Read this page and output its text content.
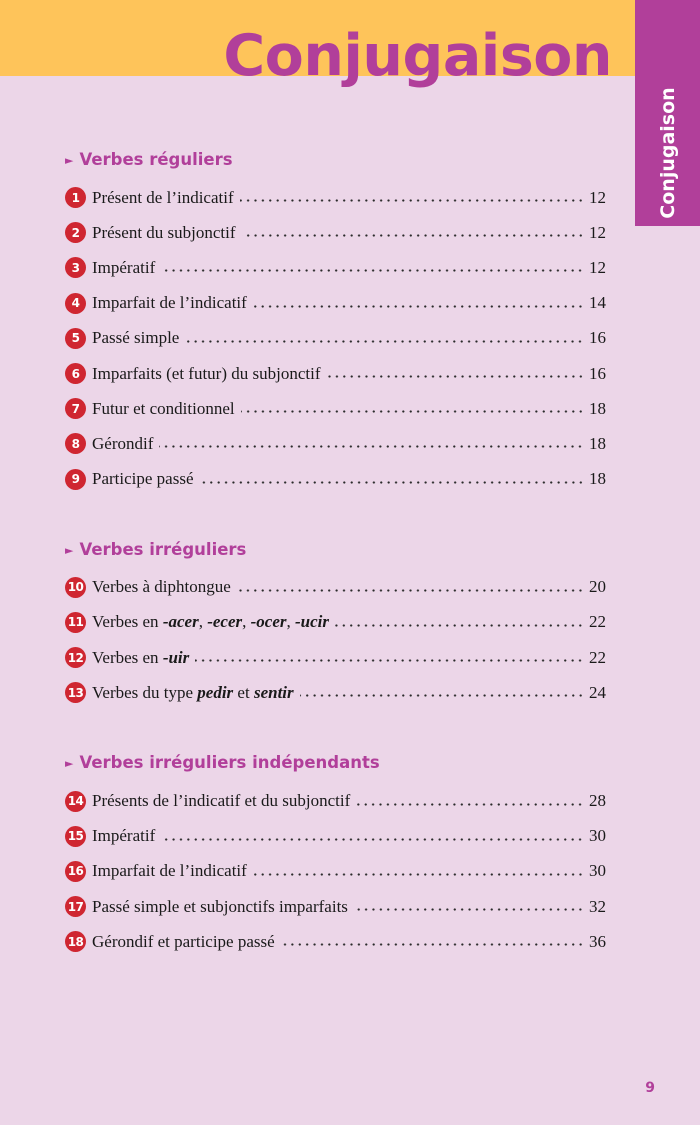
Conjugaison
Conjugaison
► Verbes réguliers
1 Présent de l’indicatif	12
2 Présent du subjonctif	12
3 Impératif	12
4 Imparfait de l’indicatif	14
5 Passé simple	16
6 Imparfaits (et futur) du subjonctif	16
7 Futur et conditionnel	18
8 Gérondif	18
9 Participe passé	18
► Verbes irréguliers
10 Verbes à diphtongue	20
11 Verbes en -acer, -ecer, -ocer, -ucir	22
12 Verbes en -uir	22
13 Verbes du type pedir et sentir	24
► Verbes irréguliers indépendants
14 Présents de l’indicatif et du subjonctif	28
15 Impératif	30
16 Imparfait de l’indicatif	30
17 Passé simple et subjonctifs imparfaits	32
18 Gérondif et participe passé	36
9
